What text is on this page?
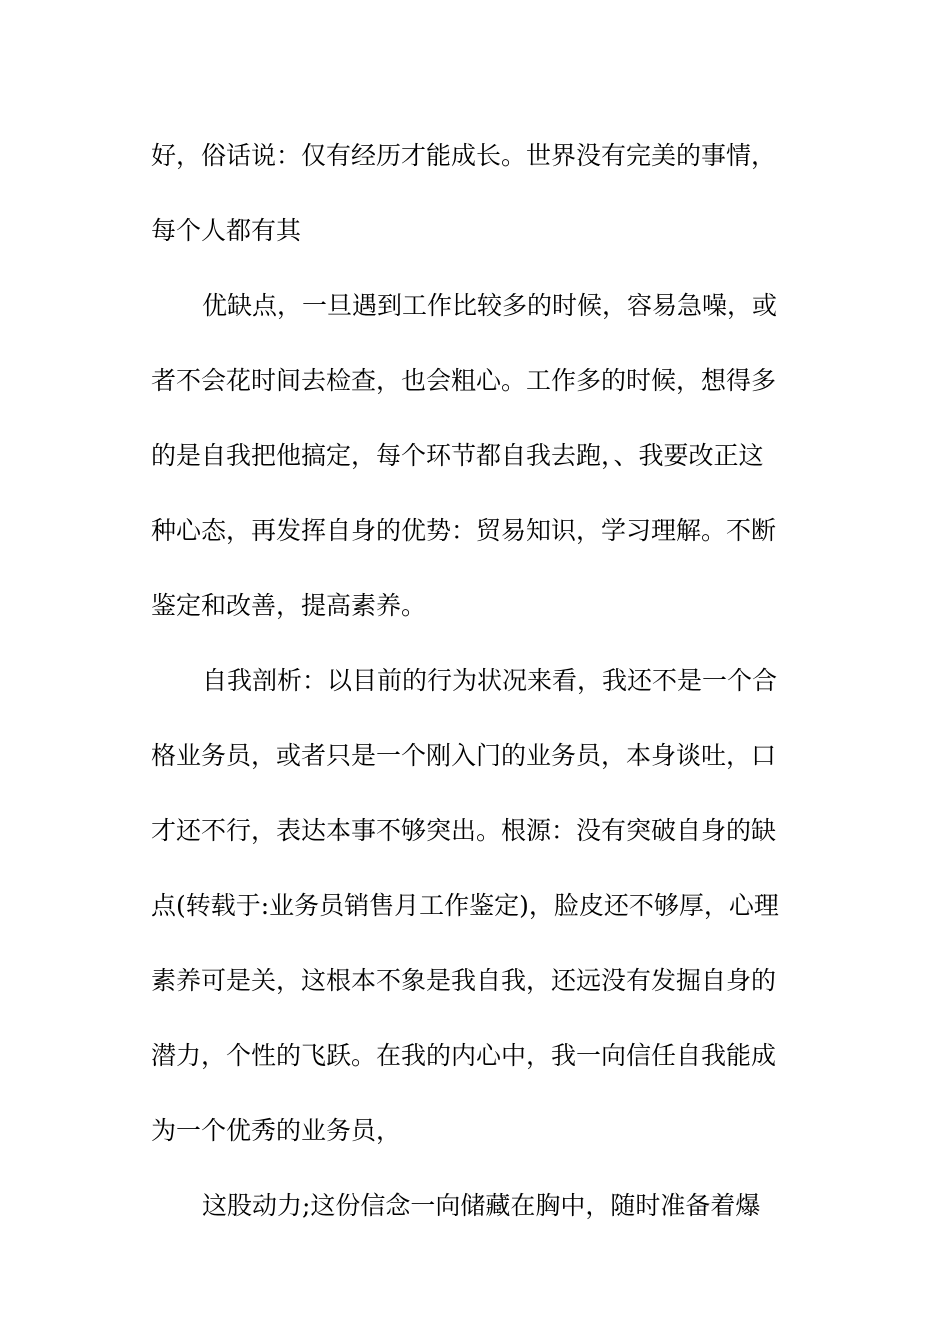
好，俗话说：仅有经历才能成长。世界没有完美的事情，
每个人都有其
优缺点，一旦遇到工作比较多的时候，容易急噪，或
者不会花时间去检查，也会粗心。工作多的时候，想得多
的是自我把他搞定，每个环节都自我去跑，、我要改正这
种心态，再发挥自身的优势：贸易知识，学习理解。不断
鉴定和改善，提高素养。
自我剖析：以目前的行为状况来看，我还不是一个合
格业务员，或者只是一个刚入门的业务员，本身谈吐，口
才还不行，表达本事不够突出。根源：没有突破自身的缺
点(转载于:业务员销售月工作鉴定)，脸皮还不够厚，心理
素养可是关，这根本不象是我自我，还远没有发掘自身的
潜力，个性的飞跃。在我的内心中，我一向信任自我能成
为一个优秀的业务员，
这股动力;这份信念一向储藏在胸中，随时准备着爆
